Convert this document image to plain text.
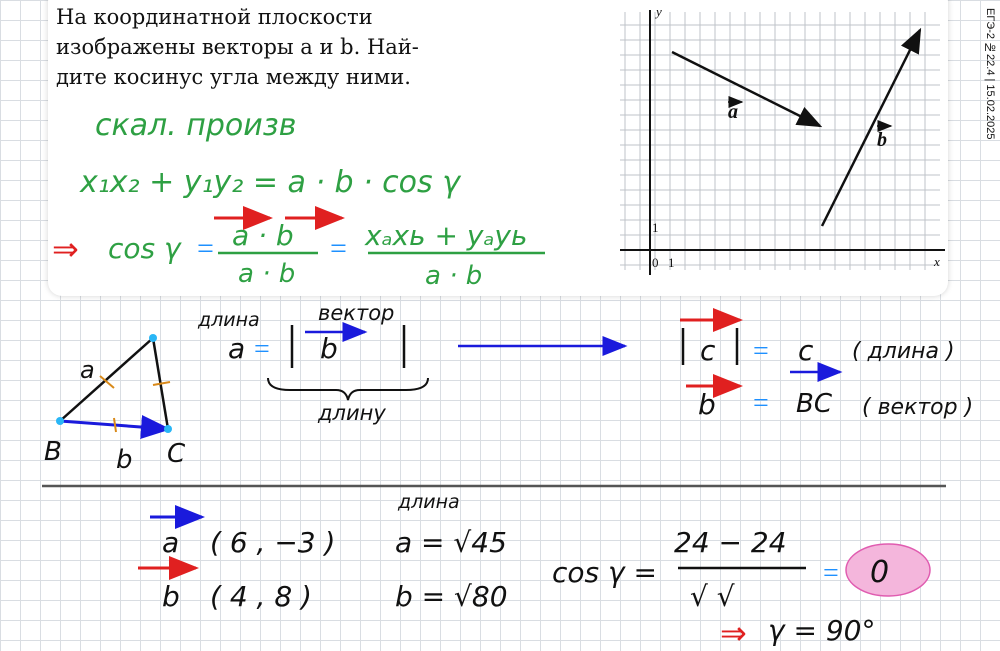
На координатной плоскости
изображены векторы a и b. Най-
дите косинус угла между ними.	ЕГЭ-2 №22.4 | 15.02.2025
y
x
0 1
1
a
b
скал. произв
x₁x₂ + y₁y₂ = a · b · cos γ
⇒ cos γ = a · b
a · b
= xₐxь + yₐyь
a · b
a
B b C
длина	вектор
a = b
длину
c = c ( длина )
b = BC ( вектор )
a ( 6 , −3 )
b ( 4 , 8 )
длина
a = √45
b = √80
cos γ =
24 − 24
√ √
= 0
⇒ γ = 90°
